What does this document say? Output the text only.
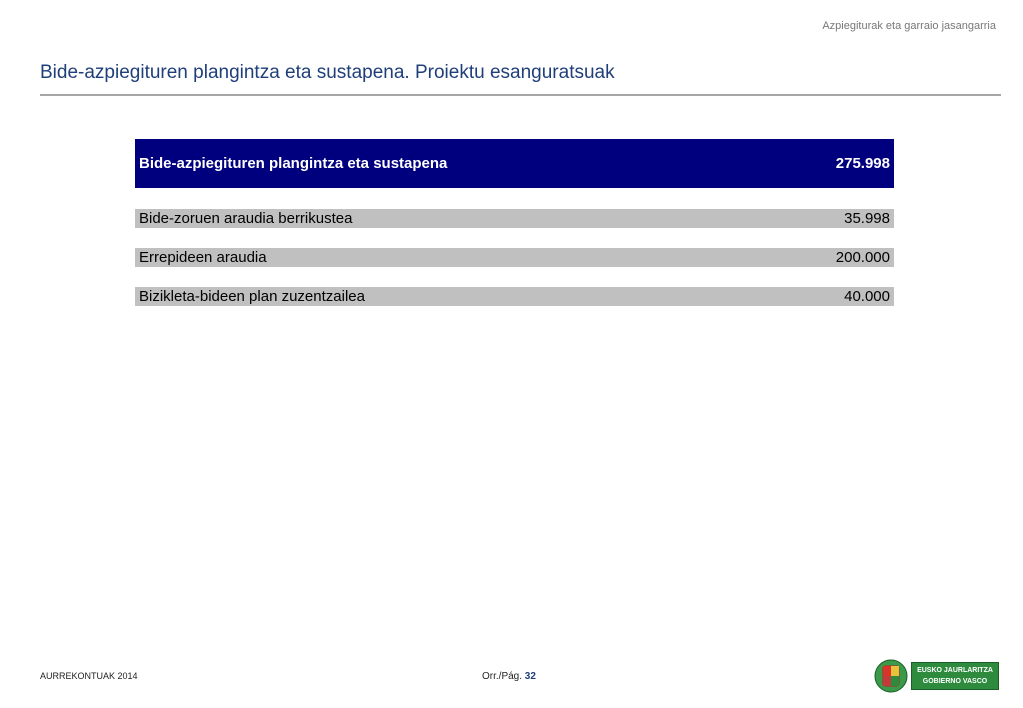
Azpiegiturak eta garraio jasangarria
Bide-azpiegituren plangintza eta sustapena. Proiektu esanguratsuak
Bide-azpiegituren plangintza eta sustapena	275.998
Bide-zoruen araudia berrikustea	35.998
Errepideen araudia	200.000
Bizikleta-bideen plan zuzentzailea	40.000
AURREKONTUAK 2014	Orr./Pág. 32
EUSKO JAURLARITZA
GOBIERNO VASCO
